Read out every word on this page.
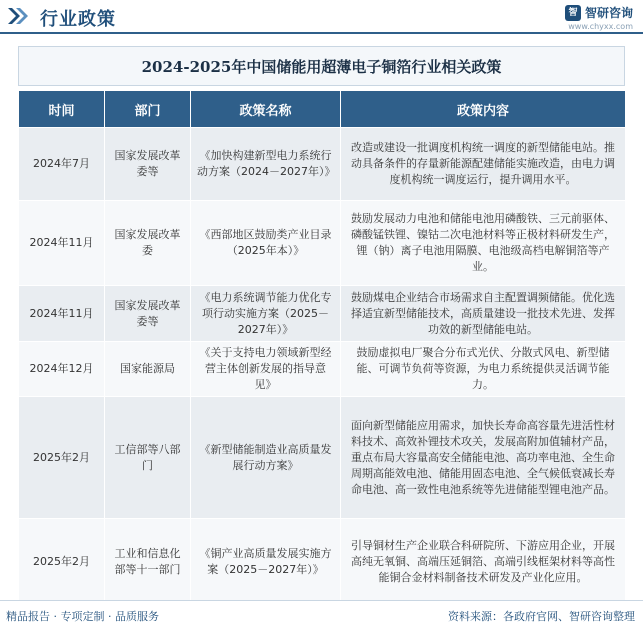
行业政策	智 智研咨询
www.chyxx.com
2024-2025年中国储能用超薄电子铜箔行业相关政策
时间	部门	政策名称	政策内容
2024年7月	国家发展改革委等	《加快构建新型电力系统行动方案（2024－2027年）》	改造或建设一批调度机构统一调度的新型储能电站。推动具备条件的存量新能源配建储能实施改造，由电力调度机构统一调度运行，提升调用水平。
2024年11月	国家发展改革委	《西部地区鼓励类产业目录（2025年本）》	鼓励发展动力电池和储能电池用磷酸铁、三元前驱体、磷酸锰铁锂、镍钴二次电池材料等正极材料研发生产，锂（钠）离子电池用隔膜、电池级高档电解铜箔等产业。
2024年11月	国家发展改革委等	《电力系统调节能力优化专项行动实施方案（2025－2027年）》	鼓励煤电企业结合市场需求自主配置调频储能。优化选择适宜新型储能技术，高质量建设一批技术先进、发挥功效的新型储能电站。
2024年12月	国家能源局	《关于支持电力领域新型经营主体创新发展的指导意见》	鼓励虚拟电厂聚合分布式光伏、分散式风电、新型储能、可调节负荷等资源，为电力系统提供灵活调节能力。
2025年2月	工信部等八部门	《新型储能制造业高质量发展行动方案》	面向新型储能应用需求，加快长寿命高容量先进活性材料技术、高效补锂技术攻关，发展高附加值辅材产品，重点布局大容量高安全储能电池、高功率电池、全生命周期高能效电池、储能用固态电池、全气候低衰减长寿命电池、高一致性电池系统等先进储能型锂电池产品。
2025年2月	工业和信息化部等十一部门	《铜产业高质量发展实施方案（2025－2027年）》	引导铜材生产企业联合科研院所、下游应用企业，开展高纯无氧铜、高端压延铜箔、高端引线框架材料等高性能铜合金材料制备技术研发及产业化应用。
精品报告 · 专项定制 · 品质服务	资料来源：各政府官网、智研咨询整理
